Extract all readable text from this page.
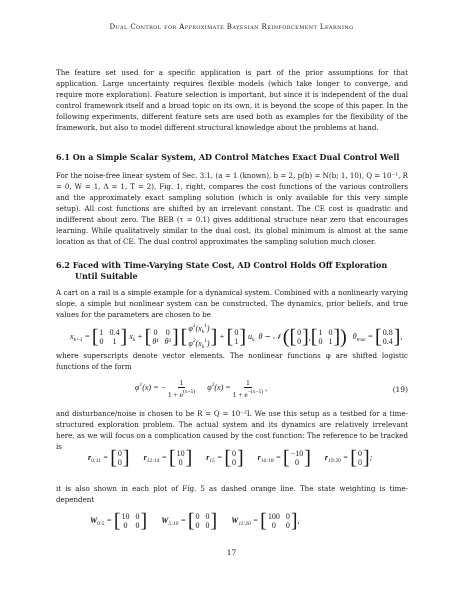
Dual Control for Approximate Bayesian Reinforcement Learning

The feature set used for a specific application is part of the prior assumptions for that application. Large uncertainty requires flexible models (which take longer to converge, and require more exploration). Feature selection is important, but since it is independent of the dual control framework itself and a broad topic on its own, it is beyond the scope of this paper. In the following experiments, different feature sets are used both as examples for the flexibility of the framework, but also to model different structural knowledge about the problems at hand.

6.1 On a Simple Scalar System, AD Control Matches Exact Dual Control Well

For the noise-free linear system of Sec. 3.1, (a = 1 (known), b = 2, p(b) = N(b; 1, 10), Q = 10⁻¹, R = 0, W = 1, Λ = 1, T = 2), Fig. 1, right, compares the cost functions of the various controllers and the approximately exact sampling solution (which is only available for this very simple setup). All cost functions are shifted by an irrelevant constant. The CE cost is quadratic and indifferent about zero. The BEB (τ = 0.1) gives additional structure near zero that encourages learning. While qualitatively similar to the dual cost, its global minimum is almost at the same location as that of CE. The dual control approximates the sampling solution much closer.

6.2 Faced with Time-Varying State Cost, AD Control Holds Off Exploration
Until Suitable

A cart on a rail is a simple example for a dynamical system. Combined with a nonlinearly varying slope, a simple but nonlinear system can be constructed. The dynamics, prior beliefs, and true values for the parameters are chosen to be

$x_{k+1}$ = [ 1 0.4
0	1 ] $x_k$ + [ 0 0
θ¹ θ² ]
[ $\varphi^1(x_k^1)$
$\varphi^2(x_k^1)$ ] + [ 0
1 ] $u_k$  θ ∼ 𝒩 ( [ 0
0 ] , [ 1 0
0 1 ] ) $\theta_{true}$ = [ 0.8
0.4 ] ,

where superscripts denote vector elements. The nonlinear functions φ are shifted logistic functions of the form

$\varphi^1(x)$ = − $\frac{1}{1 + e^{(x+5)}} \varphi^2(x) = \frac{1}{1 + e^{-(x-5)}}$ ,	(19)

and disturbance/noise is chosen to be R = Q = 10⁻²I. We use this setup as a testbed for a time-structured exploration problem. The actual system and its dynamics are relatively irrelevant here, as we will focus on a complication caused by the cost function: The reference to be tracked is

$r_{0:11}$ = [ 0
0 ] $r_{12:14}$ = [ 10
0 ] $r_{15}$ = [ 0
0 ] $r_{16:18}$ = [ −10
0 ] $r_{19:20}$ = [ 0
0 ] ;

it is also shown in each plot of Fig. 5 as dashed orange line. The state weighting is time-dependent

$W_{0:5}$ = [ 10 0
0 0 ] $W_{5:10}$ = [ 0 0
0 0 ] $W_{11:20}$ = [ 100 0
0	0 ] ,
17
